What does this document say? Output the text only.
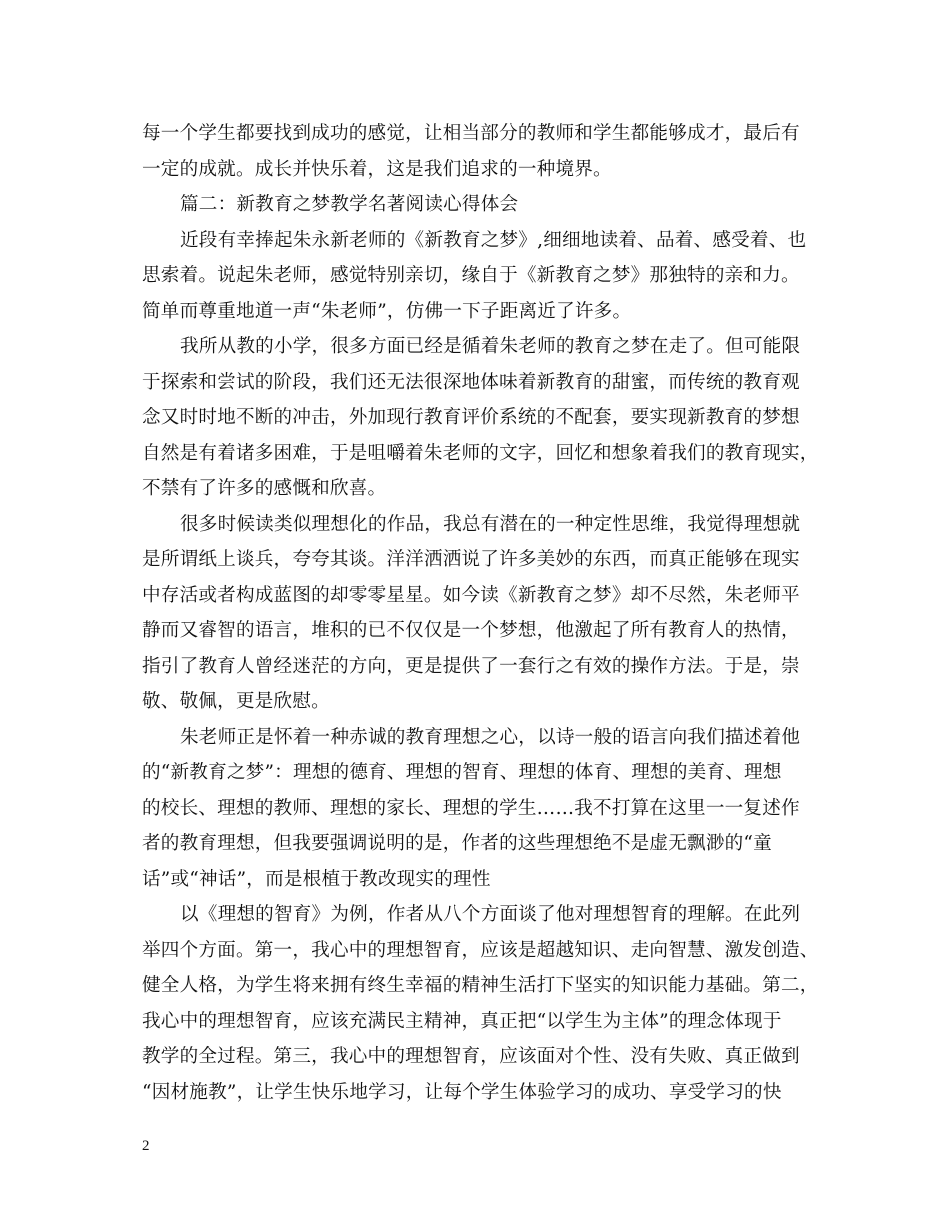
每一个学生都要找到成功的感觉，让相当部分的教师和学生都能够成才，最后有
一定的成就。成长并快乐着，这是我们追求的一种境界。
篇二：新教育之梦教学名著阅读心得体会
近段有幸捧起朱永新老师的《新教育之梦》,细细地读着、品着、感受着、也
思索着。说起朱老师，感觉特别亲切，缘自于《新教育之梦》那独特的亲和力。
简单而尊重地道一声“朱老师”，仿佛一下子距离近了许多。
我所从教的小学，很多方面已经是循着朱老师的教育之梦在走了。但可能限
于探索和尝试的阶段，我们还无法很深地体味着新教育的甜蜜，而传统的教育观
念又时时地不断的冲击，外加现行教育评价系统的不配套，要实现新教育的梦想
自然是有着诸多困难，于是咀嚼着朱老师的文字，回忆和想象着我们的教育现实，
不禁有了许多的感慨和欣喜。
很多时候读类似理想化的作品，我总有潜在的一种定性思维，我觉得理想就
是所谓纸上谈兵，夸夸其谈。洋洋洒洒说了许多美妙的东西，而真正能够在现实
中存活或者构成蓝图的却零零星星。如今读《新教育之梦》却不尽然，朱老师平
静而又睿智的语言，堆积的已不仅仅是一个梦想，他激起了所有教育人的热情，
指引了教育人曾经迷茫的方向，更是提供了一套行之有效的操作方法。于是，崇
敬、敬佩，更是欣慰。
朱老师正是怀着一种赤诚的教育理想之心，以诗一般的语言向我们描述着他
的“新教育之梦”：理想的德育、理想的智育、理想的体育、理想的美育、理想
的校长、理想的教师、理想的家长、理想的学生……我不打算在这里一一复述作
者的教育理想，但我要强调说明的是，作者的这些理想绝不是虚无飘渺的“童
话”或“神话”，而是根植于教改现实的理性
以《理想的智育》为例，作者从八个方面谈了他对理想智育的理解。在此列
举四个方面。第一，我心中的理想智育，应该是超越知识、走向智慧、激发创造、
健全人格，为学生将来拥有终生幸福的精神生活打下坚实的知识能力基础。第二，
我心中的理想智育，应该充满民主精神，真正把“以学生为主体”的理念体现于
教学的全过程。第三，我心中的理想智育，应该面对个性、没有失败、真正做到
“因材施教”，让学生快乐地学习，让每个学生体验学习的成功、享受学习的快
2
